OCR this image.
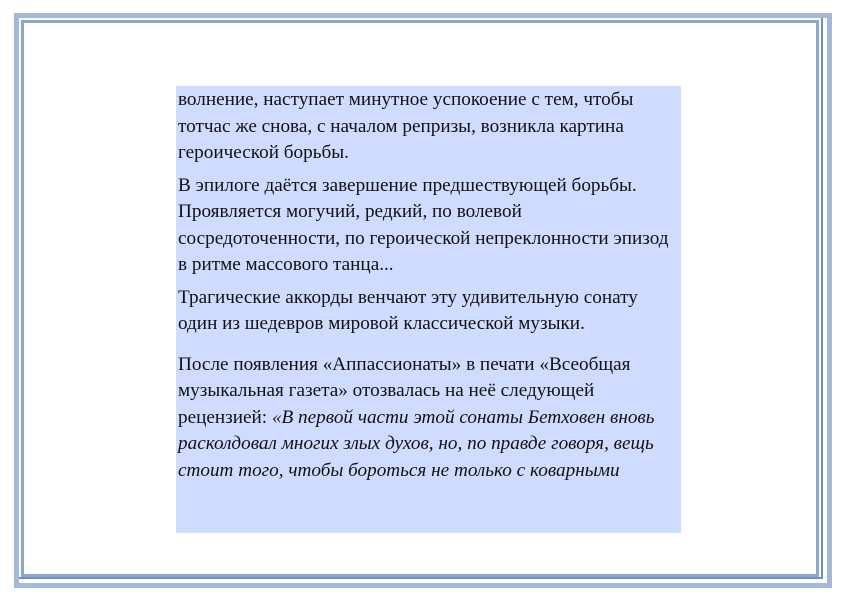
волнение, наступает минутное успокоение с тем, чтобы тотчас же снова, с началом репризы, возникла картина героической борьбы.

В эпилоге даётся завершение предшествующей борьбы. Проявляется могучий, редкий, по волевой сосредоточенности, по героической непреклонности эпизод в ритме массового танца...

Трагические аккорды венчают эту удивительную сонату один из шедевров мировой классической музыки.

После появления «Аппассионаты» в печати «Всеобщая музыкальная газета» отозвалась на неё следующей рецензией: «В первой части этой сонаты Бетховен вновь расколдовал многих злых духов, но, по правде говоря, вещь стоит того, чтобы бороться не только с коварными
